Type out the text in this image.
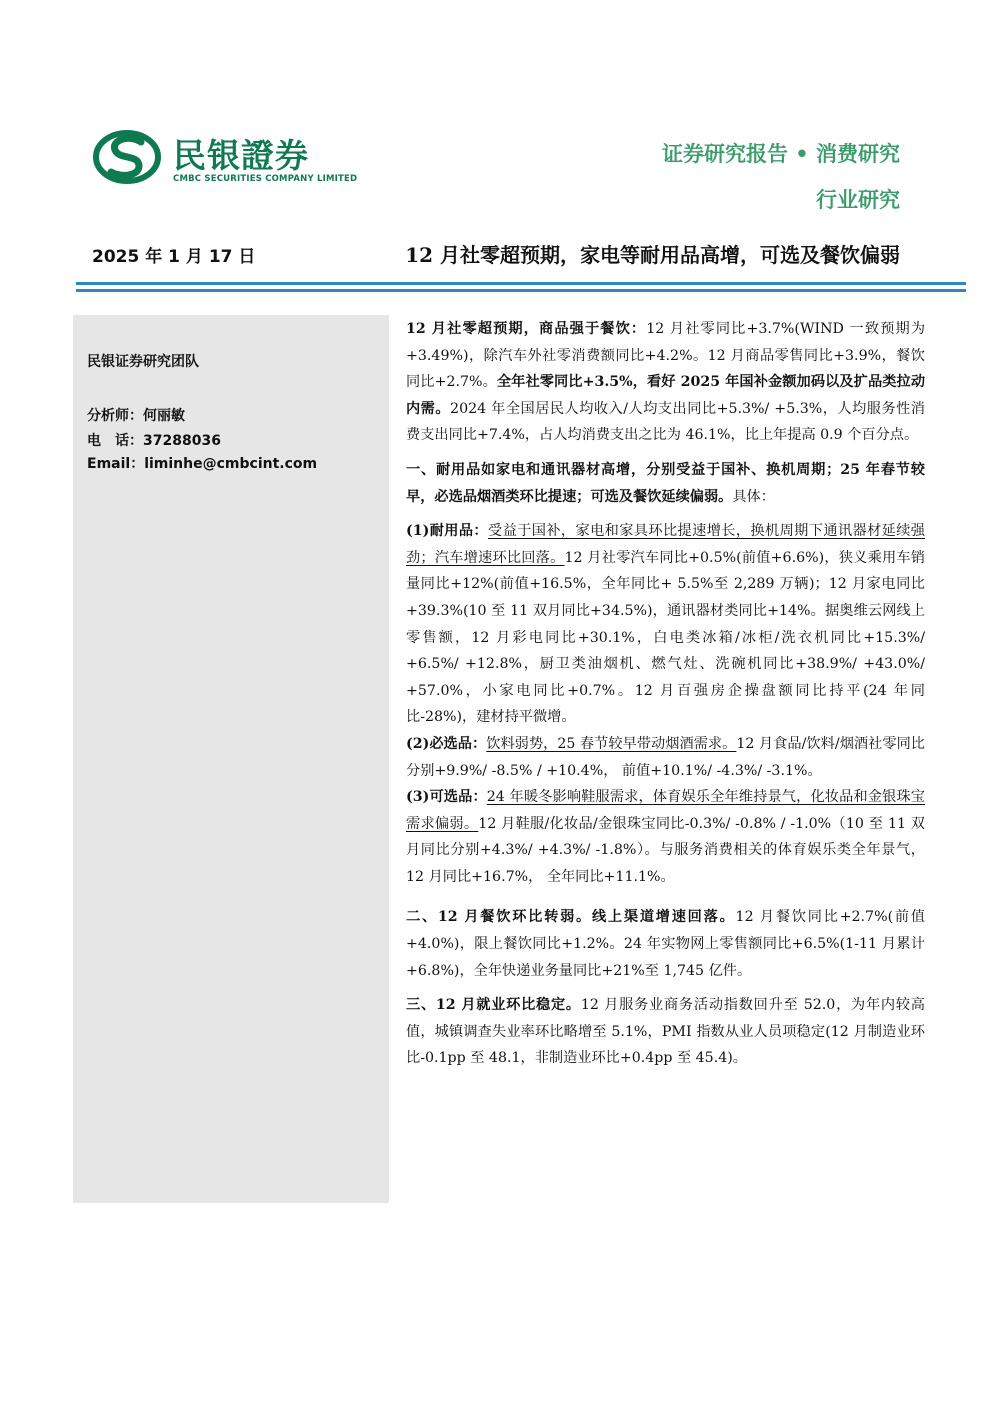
民银證券
CMBC SECURITIES COMPANY LIMITED
证券研究报告 • 消费研究
行业研究
2025 年 1 月 17 日	12 月社零超预期，家电等耐用品高增，可选及餐饮偏弱
民银证券研究团队
分析师：何丽敏
电　话：37288036
Email：liminhe@cmbcint.com

12 月社零超预期，商品强于餐饮：12 月社零同比+3.7%(WIND 一致预期为+3.49%)，除汽车外社零消费额同比+4.2%。12 月商品零售同比+3.9%，餐饮同比+2.7%。全年社零同比+3.5%，看好 2025 年国补金额加码以及扩品类拉动内需。2024 年全国居民人均收入/人均支出同比+5.3%/ +5.3%，人均服务性消费支出同比+7.4%，占人均消费支出之比为 46.1%，比上年提高 0.9 个百分点。

一、耐用品如家电和通讯器材高增，分别受益于国补、换机周期；25 年春节较早，必选品烟酒类环比提速；可选及餐饮延续偏弱。具体：

(1)耐用品：受益于国补，家电和家具环比提速增长，换机周期下通讯器材延续强劲；汽车增速环比回落。12 月社零汽车同比+0.5%(前值+6.6%)，狭义乘用车销量同比+12%(前值+16.5%，全年同比+ 5.5%至 2,289 万辆)；12 月家电同比+39.3%(10 至 11 双月同比+34.5%)，通讯器材类同比+14%。据奥维云网线上零售额，12 月彩电同比+30.1%，白电类冰箱/冰柜/洗衣机同比+15.3%/ +6.5%/ +12.8%，厨卫类油烟机、燃气灶、洗碗机同比+38.9%/ +43.0%/ +57.0%，小家电同比+0.7%。12 月百强房企操盘额同比持平(24 年同比-28%)，建材持平微增。

(2)必选品：饮料弱势，25 春节较早带动烟酒需求。12 月食品/饮料/烟酒社零同比分别+9.9%/ -8.5% / +10.4%， 前值+10.1%/ -4.3%/ -3.1%。

(3)可选品：24 年暖冬影响鞋服需求，体育娱乐全年维持景气，化妆品和金银珠宝需求偏弱。12 月鞋服/化妆品/金银珠宝同比-0.3%/ -0.8% / -1.0%（10 至 11 双月同比分别+4.3%/ +4.3%/ -1.8%）。与服务消费相关的体育娱乐类全年景气，12 月同比+16.7%， 全年同比+11.1%。

二、12 月餐饮环比转弱。线上渠道增速回落。12 月餐饮同比+2.7%(前值+4.0%)，限上餐饮同比+1.2%。24 年实物网上零售额同比+6.5%(1-11 月累计+6.8%)，全年快递业务量同比+21%至 1,745 亿件。

三、12 月就业环比稳定。12 月服务业商务活动指数回升至 52.0，为年内较高值，城镇调查失业率环比略增至 5.1%，PMI 指数从业人员项稳定(12 月制造业环比-0.1pp 至 48.1，非制造业环比+0.4pp 至 45.4)。
